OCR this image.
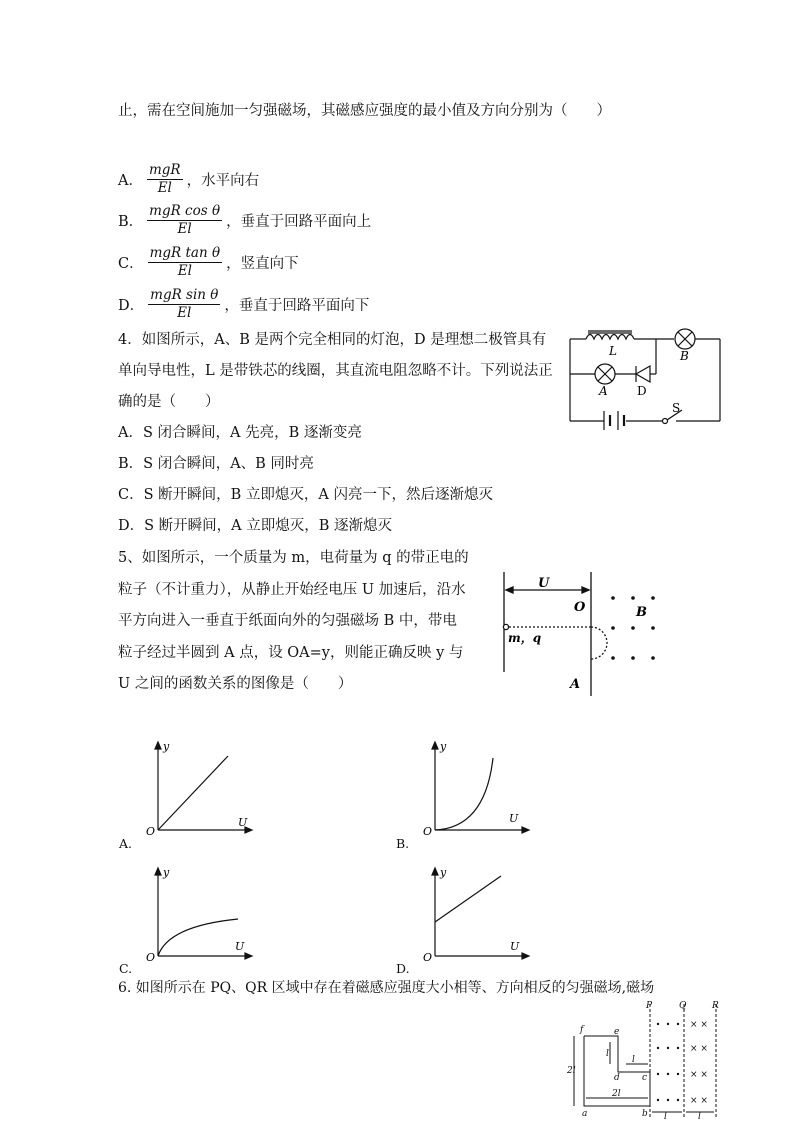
止，需在空间施加一匀强磁场，其磁感应强度的最小值及方向分别为（　　）
A． $\frac{\text{mgR}}{El}$ ，水平向右
B． $\frac{\text{mgR cos θ}}{El}$ ，垂直于回路平面向上
C． $\frac{\text{mgR tan θ}}{El}$ ，竖直向下
D． $\frac{\text{mgR sin θ}}{El}$ ，垂直于回路平面向下
4．如图所示，A、B 是两个完全相同的灯泡，D 是理想二极管具有
单向导电性，L 是带铁芯的线圈，其直流电阻忽略不计。下列说法正
确的是（　　）
A．S 闭合瞬间，A 先亮，B 逐渐变亮
B．S 闭合瞬间，A、B 同时亮
C．S 断开瞬间，B 立即熄灭，A 闪亮一下，然后逐渐熄灭
D．S 断开瞬间，A 立即熄灭，B 逐渐熄灭
L	B
A D
S
5、如图所示，一个质量为 m，电荷量为 q 的带正电的
粒子（不计重力），从静止开始经电压 U 加速后，沿水
平方向进入一垂直于纸面向外的匀强磁场 B 中，带电
粒子经过半圆到 A 点，设 OA=y，则能正确反映 y 与
U 之间的函数关系的图像是（　　）
U
O	B
m，q
A
y
U
O
A.
y
U
O
B.
y
U
O
C.
y
U
O
D.
6. 如图所示在 PQ、QR 区域中存在着磁感应强度大小相等、方向相反的匀强磁场,磁场
× ×
× ×
× ×
× ×
P	Q	R
f	e
d c
a	b
l
l
2l
2l
l	l
